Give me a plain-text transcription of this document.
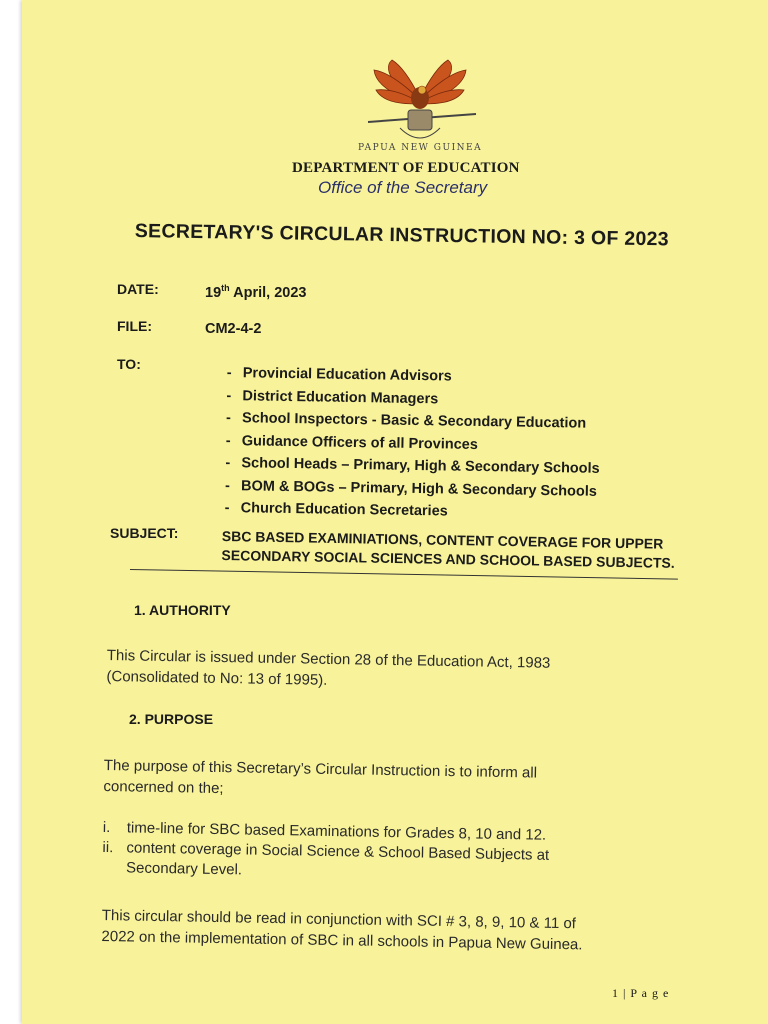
PAPUA NEW GUINEA
DEPARTMENT OF EDUCATION
Office of the Secretary
SECRETARY'S CIRCULAR INSTRUCTION NO: 3 OF 2023
DATE:	19th April, 2023
FILE:	CM2-4-2
TO:
- Provincial Education Advisors
- District Education Managers
- School Inspectors - Basic & Secondary Education
- Guidance Officers of all Provinces
- School Heads – Primary, High & Secondary Schools
- BOM & BOGs – Primary, High & Secondary Schools
- Church Education Secretaries
SUBJECT:	SBC BASED EXAMINIATIONS, CONTENT COVERAGE FOR UPPER
SECONDARY SOCIAL SCIENCES AND SCHOOL BASED SUBJECTS.
1. AUTHORITY
This Circular is issued under Section 28 of the Education Act, 1983
(Consolidated to No: 13 of 1995).
2. PURPOSE
The purpose of this Secretary’s Circular Instruction is to inform all
concerned on the;
i. time-line for SBC based Examinations for Grades 8, 10 and 12.
ii. content coverage in Social Science & School Based Subjects at
Secondary Level.
This circular should be read in conjunction with SCI # 3, 8, 9, 10 & 11 of
2022 on the implementation of SBC in all schools in Papua New Guinea.
1 | P a g e
